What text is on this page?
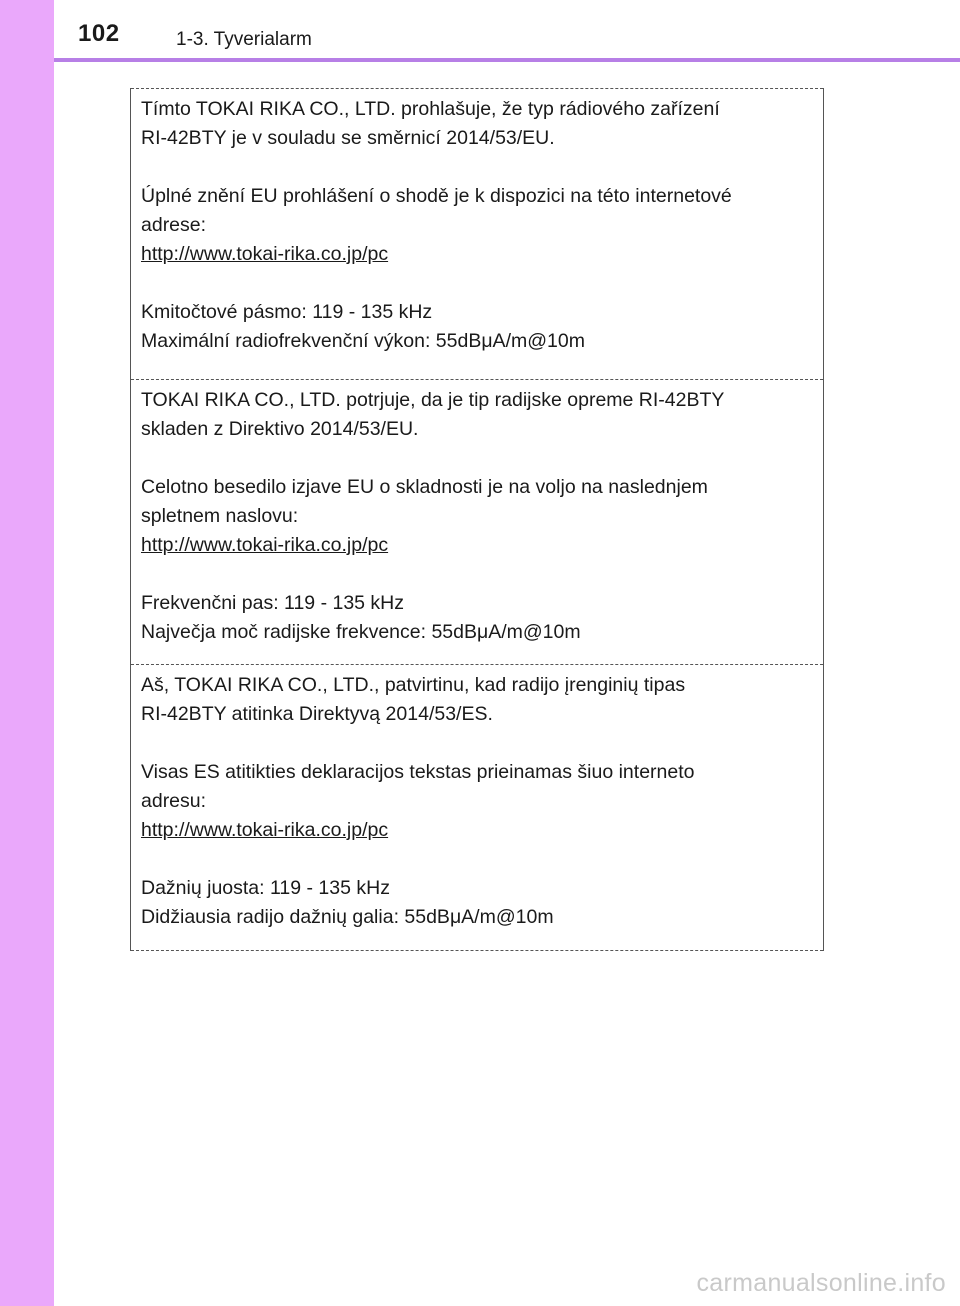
102	1-3. Tyverialarm

Tímto TOKAI RIKA CO., LTD. prohlašuje, že typ rádiového zařízení
RI-42BTY je v souladu se směrnicí 2014/53/EU.

Úplné znění EU prohlášení o shodě je k dispozici na této internetové
adrese:
http://www.tokai-rika.co.jp/pc

Kmitočtové pásmo: 119 - 135 kHz
Maximální radiofrekvenční výkon: 55dBμA/m@10m

TOKAI RIKA CO., LTD. potrjuje, da je tip radijske opreme RI-42BTY
skladen z Direktivo 2014/53/EU.

Celotno besedilo izjave EU o skladnosti je na voljo na naslednjem
spletnem naslovu:
http://www.tokai-rika.co.jp/pc

Frekvenčni pas: 119 - 135 kHz
Največja moč radijske frekvence: 55dBμA/m@10m

Aš, TOKAI RIKA CO., LTD., patvirtinu, kad radijo įrenginių tipas
RI-42BTY atitinka Direktyvą 2014/53/ES.

Visas ES atitikties deklaracijos tekstas prieinamas šiuo interneto
adresu:
http://www.tokai-rika.co.jp/pc

Dažnių juosta: 119 - 135 kHz
Didžiausia radijo dažnių galia: 55dBμA/m@10m

carmanualsonline.info
